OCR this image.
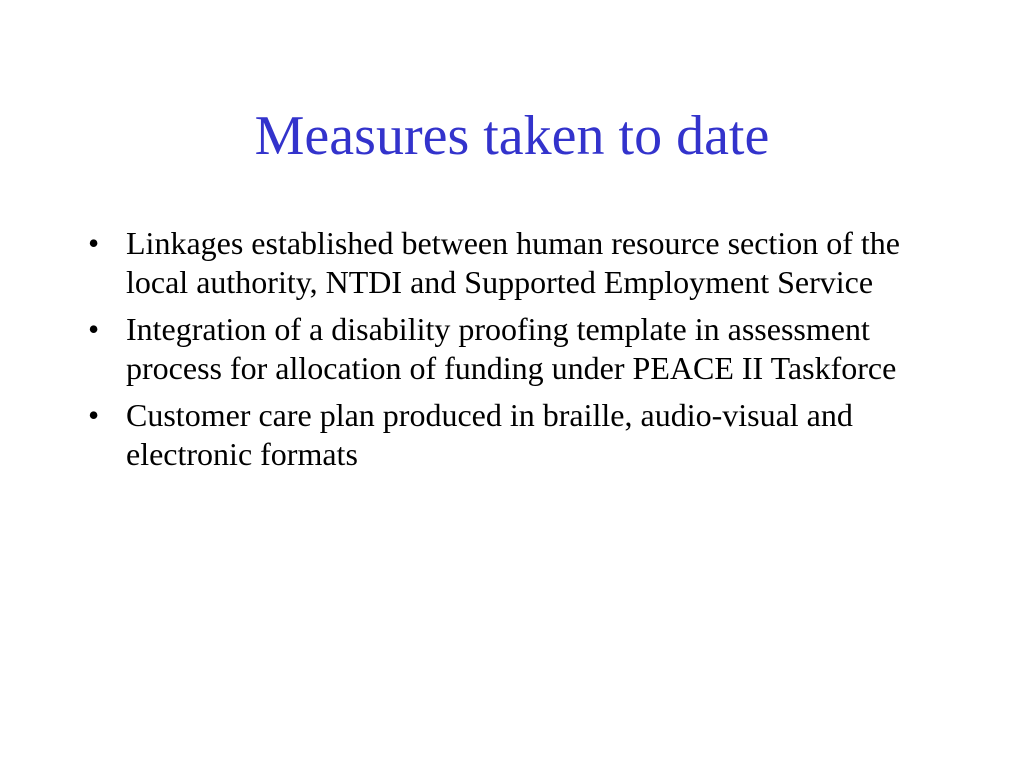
Measures taken to date
• Linkages established between human resource section of the local authority, NTDI and Supported Employment Service
• Integration of a disability proofing template in assessment process for allocation of funding under PEACE II Taskforce
• Customer care plan produced in braille, audio-visual and electronic formats
